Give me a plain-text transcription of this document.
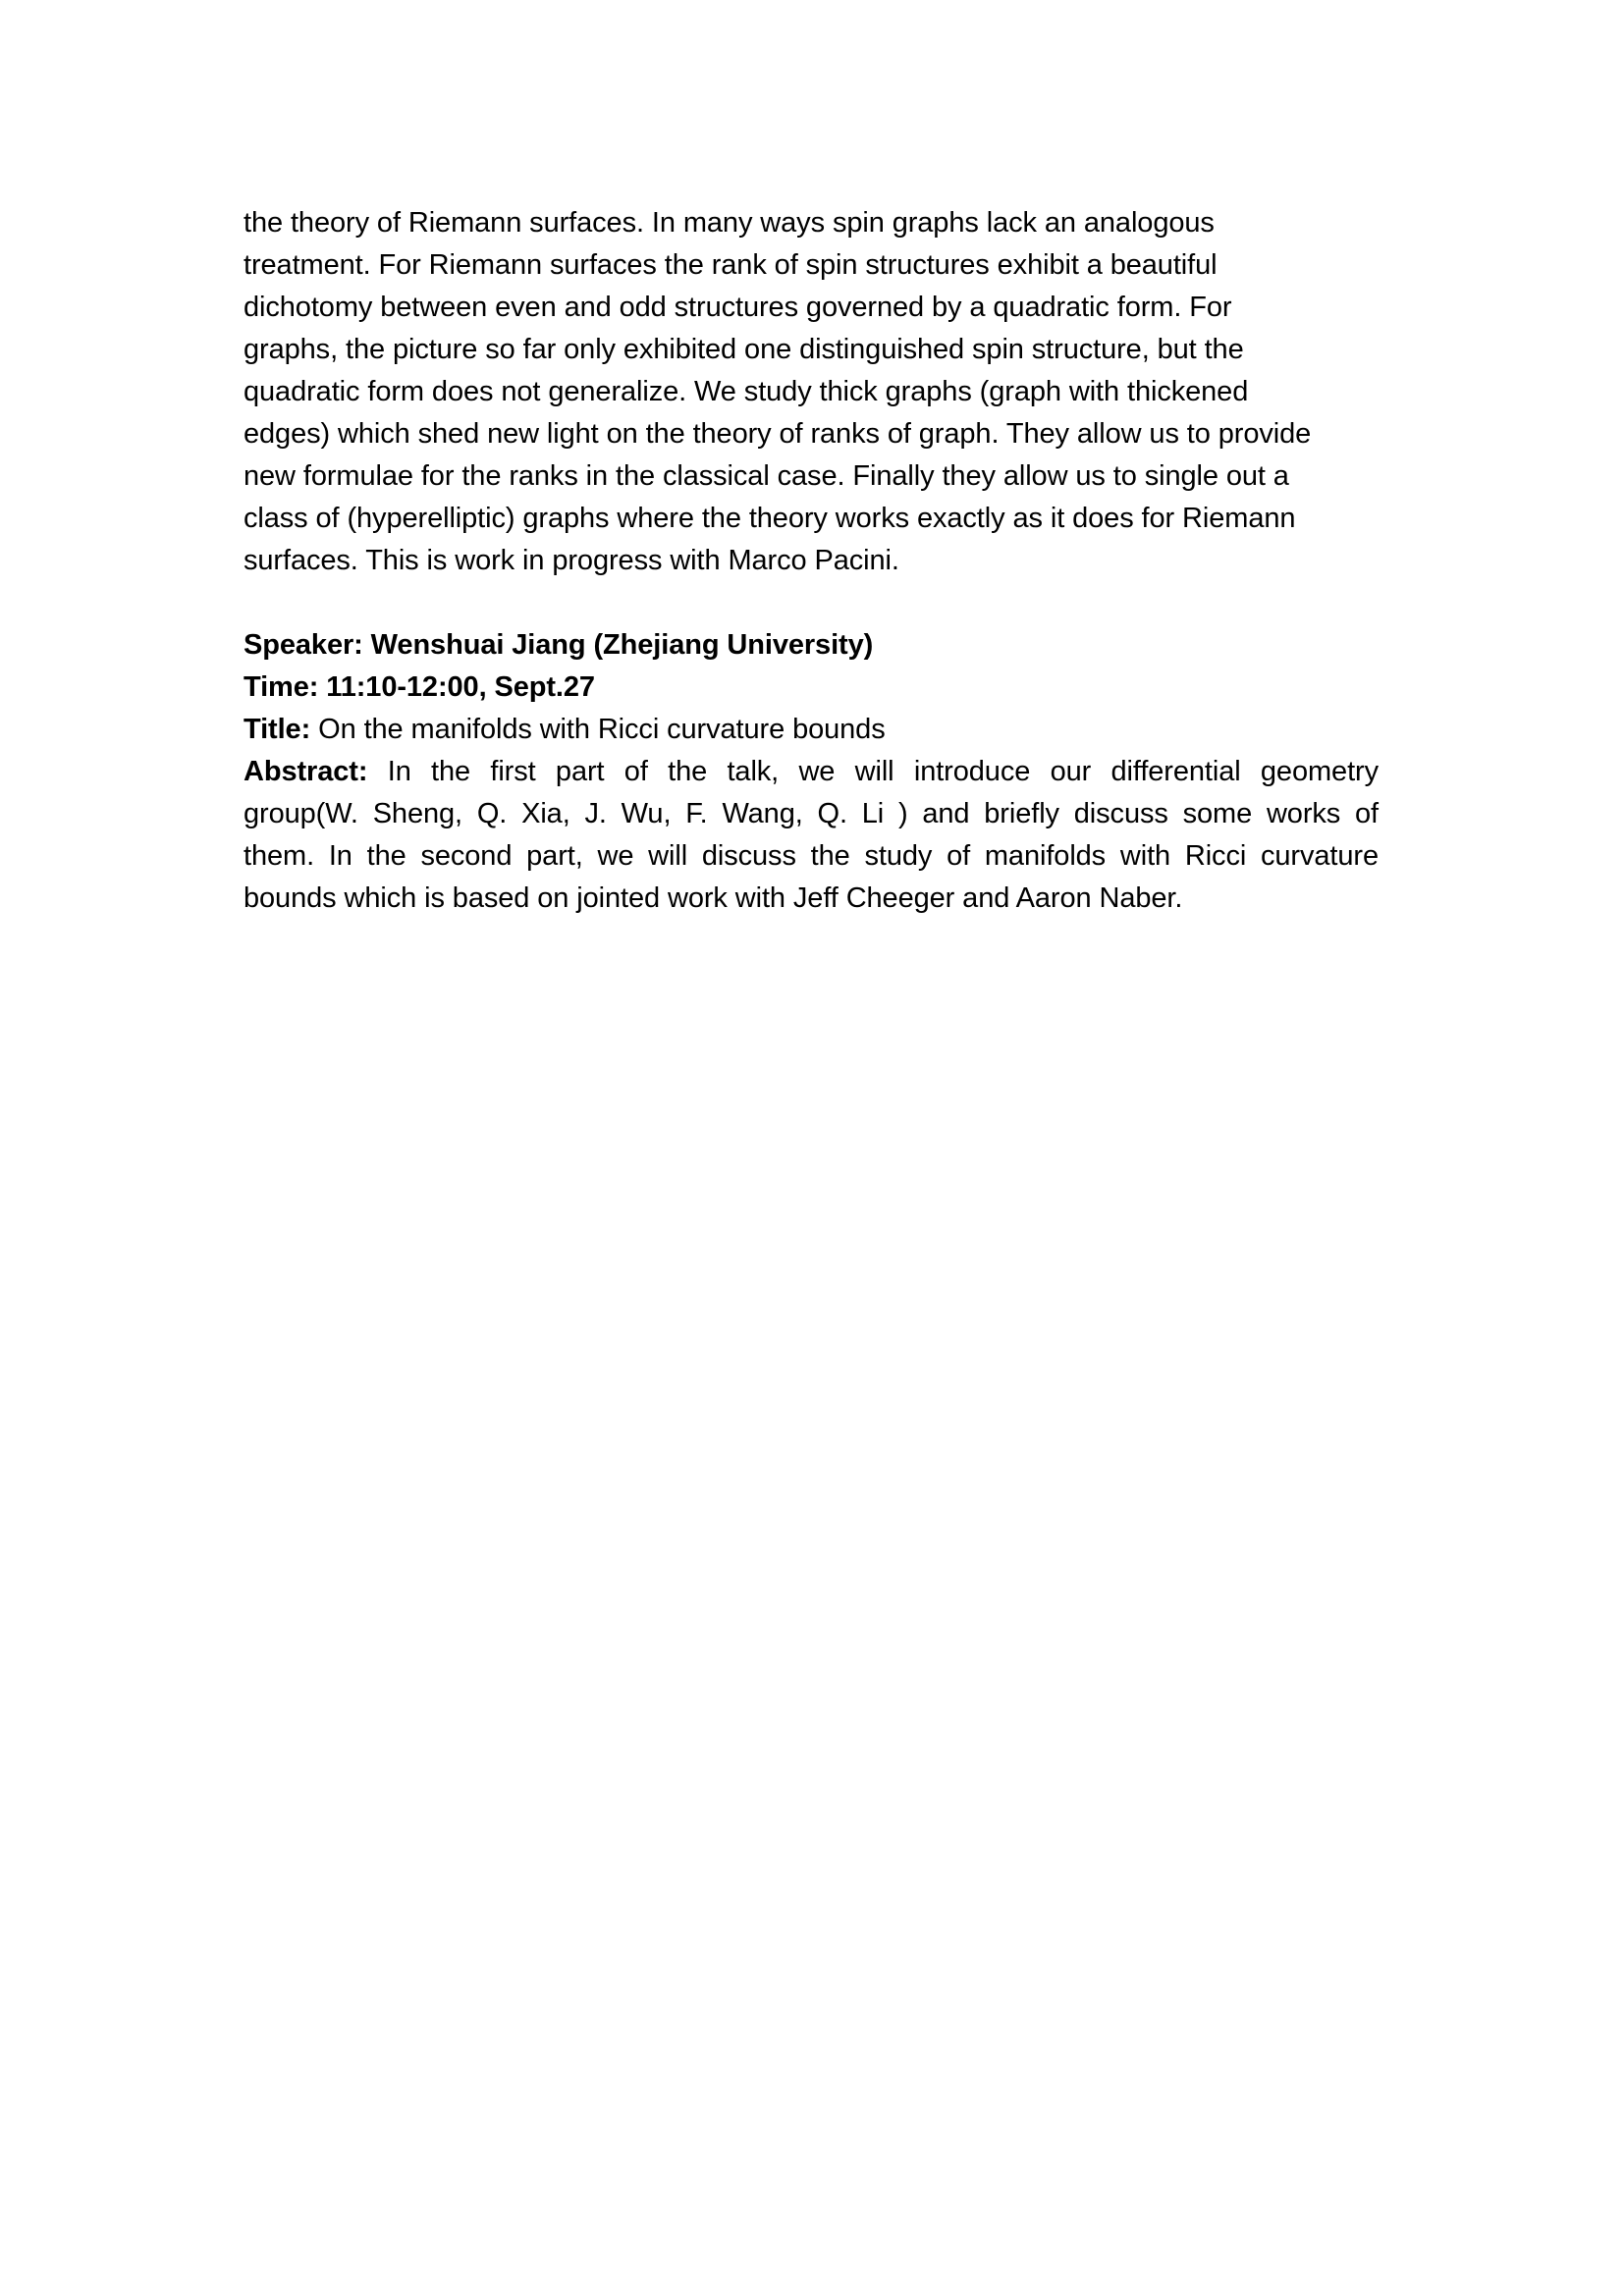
the theory of Riemann surfaces. In many ways spin graphs lack an analogous
treatment. For Riemann surfaces the rank of spin structures exhibit a beautiful
dichotomy between even and odd structures governed by a quadratic form. For
graphs, the picture so far only exhibited one distinguished spin structure, but the
quadratic form does not generalize. We study thick graphs (graph with thickened
edges) which shed new light on the theory of ranks of graph. They allow us to provide
new formulae for the ranks in the classical case. Finally they allow us to single out a
class of (hyperelliptic) graphs where the theory works exactly as it does for Riemann
surfaces. This is work in progress with Marco Pacini.
Speaker: Wenshuai Jiang (Zhejiang University)
Time: 11:10-12:00, Sept.27
Title: On the manifolds with Ricci curvature bounds
Abstract: In the first part of the talk, we will introduce our differential geometry
group(W. Sheng, Q. Xia, J. Wu, F. Wang, Q. Li ) and briefly discuss some works of
them. In the second part, we will discuss the study of manifolds with Ricci curvature
bounds which is based on jointed work with Jeff Cheeger and Aaron Naber.
